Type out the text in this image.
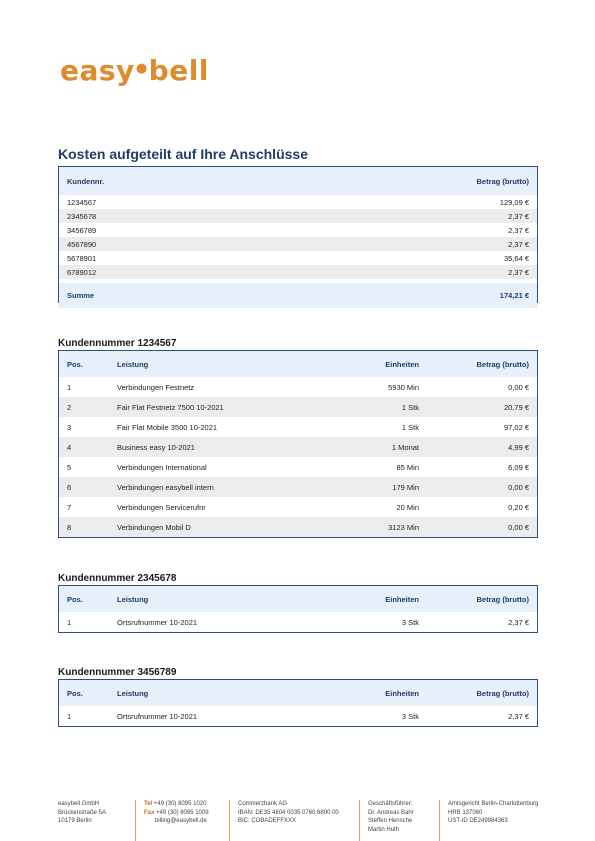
easy●bell
Kosten aufgeteilt auf Ihre Anschlüsse
Kundennr.	Betrag (brutto)
1234567	129,09 €
2345678	2,37 €
3456789	2,37 €
4567890	2,37 €
5678901	35,64 €
6789012	2,37 €
Summe	174,21 €
Kundennummer 1234567
Pos.	Leistung	Einheiten	Betrag (brutto)
1	Verbindungen Festnetz	5930 Min	0,00 €
2	Fair Flat Festnetz 7500 10-2021	1 Stk	20,79 €
3	Fair Flat Mobile 3500 10-2021	1 Stk	97,02 €
4	Business easy 10-2021	1 Monat	4,99 €
5	Verbindungen International	85 Min	6,09 €
6	Verbindungen easybell intern	179 Min	0,00 €
7	Verbindungen Servicerufnr	20 Min	0,20 €
8	Verbindungen Mobil D	3123 Min	0,00 €
Kundennummer 2345678
Pos.	Leistung	Einheiten	Betrag (brutto)
1	Ortsrufnummer 10-2021	3 Stk	2,37 €
Kundennummer 3456789
Pos.	Leistung	Einheiten	Betrag (brutto)
1	Ortsrufnummer 10-2021	3 Stk	2,37 €
easybell GmbH
Brückenstraße 5A
10179 Berlin
Tel +49 (30) 8095 1020
Fax +49 (30) 8095 1009
billing@easybell.de
Commerzbank AG
IBAN: DE35 4804 0035 0760 6890 00
BIC: COBADEFFXXX
Geschäftsführer:
Dr. Andreas Bahr
Steffen Hensche
Martin Huth
Amtsgericht Berlin-Charlottenburg
HRB 137060
UST-ID DE249984363
